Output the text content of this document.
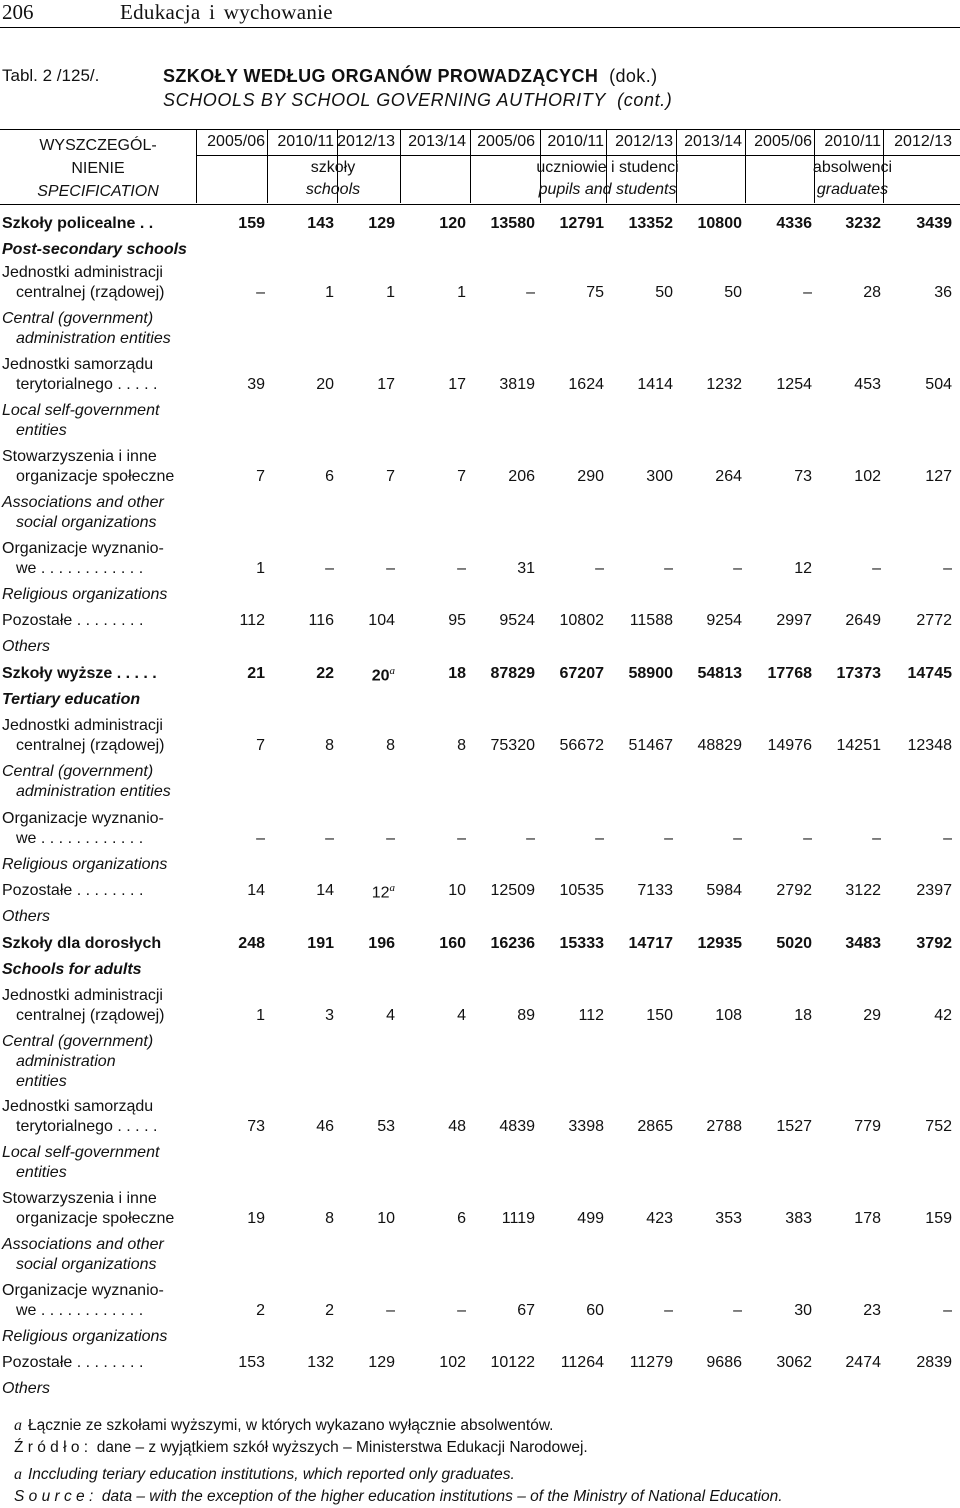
206	Edukacja i wychowanie
Tabl. 2 /125/.	SZKOŁY WEDŁUG ORGANÓW PROWADZĄCYCH (dok.)
SCHOOLS BY SCHOOL GOVERNING AUTHORITY (cont.)
WYSZCZEGÓL-
NIENIE
SPECIFICATION
2005/06 2010/11 2012/13 2013/14 2005/06 2010/11 2012/13 2013/14 2005/06 2010/11 2012/13
szkoły
schools
uczniowie i studenci
pupils and students
absolwenci
graduates
Szkoły policealne . .
Post-secondary schools
159	143	129	120	13580	12791	13352	10800	4336	3232	3439
Jednostki administracji
centralnej (rządowej)
Central (government)
administration entities
–	1	1	1	–	75	50	50	–	28	36
Jednostki samorządu
terytorialnego . . . . .
Local self-government
entities
39	20	17	17	3819	1624	1414	1232	1254	453	504
Stowarzyszenia i inne
organizacje społeczne
Associations and other
social organizations
7	6	7	7	206	290	300	264	73	102	127
Organizacje wyznanio-
we . . . . . . . . . . . .
Religious organizations
1	–	–	–	31	–	–	–	12	–	–
Pozostałe . . . . . . . .
Others
112	116	104	95	9524	10802	11588	9254	2997	2649	2772
Szkoły wyższe . . . . .
Tertiary education
21	22	20$^a$	18	87829	67207	58900	54813	17768	17373	14745
Jednostki administracji
centralnej (rządowej)
Central (government)
administration entities
7	8	8	8	75320	56672	51467	48829	14976	14251	12348
Organizacje wyznanio-
we . . . . . . . . . . . .
Religious organizations
–	–	–	–	–	–	–	–	–	–	–
Pozostałe . . . . . . . .
Others
14	14	12$^a$	10	12509	10535	7133	5984	2792	3122	2397
Szkoły dla dorosłych
Schools for adults
248	191	196	160	16236	15333	14717	12935	5020	3483	3792
Jednostki administracji
centralnej (rządowej)
Central (government)
administration
entities
1	3	4	4	89	112	150	108	18	29	42
Jednostki samorządu
terytorialnego . . . . .
Local self-government
entities
73	46	53	48	4839	3398	2865	2788	1527	779	752
Stowarzyszenia i inne
organizacje społeczne
Associations and other
social organizations
19	8	10	6	1119	499	423	353	383	178	159
Organizacje wyznanio-
we . . . . . . . . . . . .
Religious organizations
2	2	–	–	67	60	–	–	30	23	–
Pozostałe . . . . . . . .
Others
153	132	129	102	10122	11264	11279	9686	3062	2474	2839
a Łącznie ze szkołami wyższymi, w których wykazano wyłącznie absolwentów.
Ź r ó d ł o : dane – z wyjątkiem szkół wyższych – Ministerstwa Edukacji Narodowej.
a Inccluding teriary education institutions, which reported only graduates.
S o u r c e : data – with the exception of the higher education institutions – of the Ministry of National Education.
